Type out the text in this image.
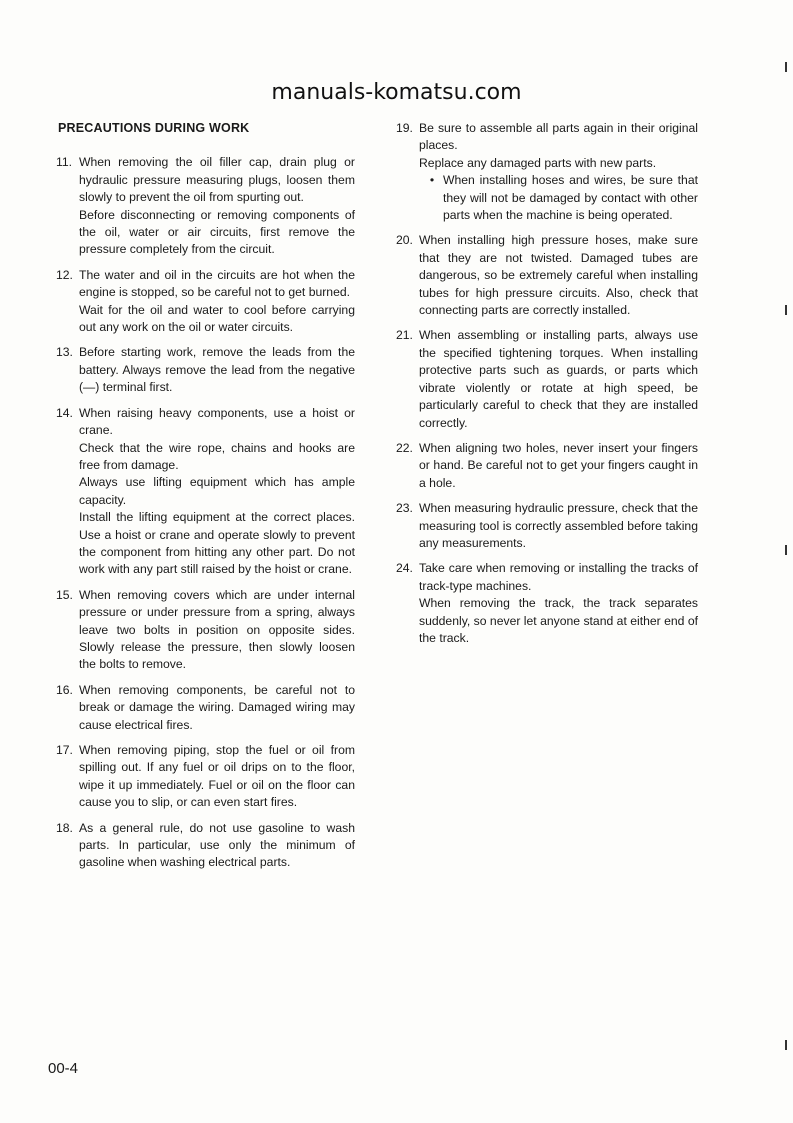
manuals-komatsu.com
PRECAUTIONS DURING WORK
11. When removing the oil filler cap, drain plug or hydraulic pressure measuring plugs, loosen them slowly to prevent the oil from spurting out.

Before disconnecting or removing components of the oil, water or air circuits, first remove the pressure completely from the circuit.

12. The water and oil in the circuits are hot when the engine is stopped, so be careful not to get burned.

Wait for the oil and water to cool before carrying out any work on the oil or water circuits.

13. Before starting work, remove the leads from the battery. Always remove the lead from the negative (—) terminal first.

14. When raising heavy components, use a hoist or crane.

Check that the wire rope, chains and hooks are free from damage.

Always use lifting equipment which has ample capacity.

Install the lifting equipment at the correct places. Use a hoist or crane and operate slowly to prevent the component from hitting any other part. Do not work with any part still raised by the hoist or crane.

15. When removing covers which are under internal pressure or under pressure from a spring, always leave two bolts in position on opposite sides. Slowly release the pressure, then slowly loosen the bolts to remove.

16. When removing components, be careful not to break or damage the wiring. Damaged wiring may cause electrical fires.

17. When removing piping, stop the fuel or oil from spilling out. If any fuel or oil drips on to the floor, wipe it up immediately. Fuel or oil on the floor can cause you to slip, or can even start fires.

18. As a general rule, do not use gasoline to wash parts. In particular, use only the minimum of gasoline when washing electrical parts.

19. Be sure to assemble all parts again in their original places.

Replace any damaged parts with new parts.

• When installing hoses and wires, be sure that they will not be damaged by contact with other parts when the machine is being operated.
20. When installing high pressure hoses, make sure that they are not twisted. Damaged tubes are dangerous, so be extremely careful when installing tubes for high pressure circuits. Also, check that connecting parts are correctly installed.

21. When assembling or installing parts, always use the specified tightening torques. When installing protective parts such as guards, or parts which vibrate violently or rotate at high speed, be particularly careful to check that they are installed correctly.

22. When aligning two holes, never insert your fingers or hand. Be careful not to get your fingers caught in a hole.

23. When measuring hydraulic pressure, check that the measuring tool is correctly assembled before taking any measurements.

24. Take care when removing or installing the tracks of track-type machines.

When removing the track, the track separates suddenly, so never let anyone stand at either end of the track.

00-4
